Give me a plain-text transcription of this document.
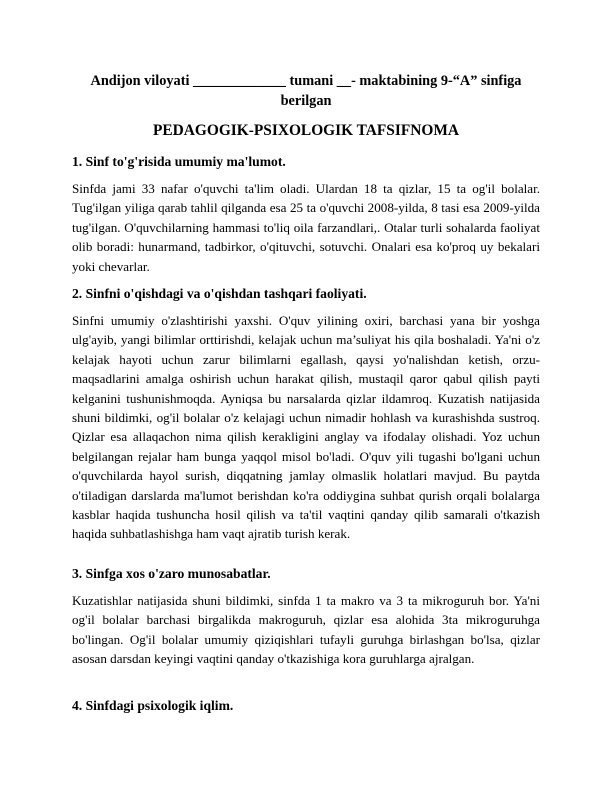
Andijon viloyati _____________ tumani __- maktabining 9-“A” sinfiga
berilgan
PEDAGOGIK-PSIXOLOGIK TAFSIFNOMA
1. Sinf to'g'risida umumiy ma'lumot.
Sinfda jami 33 nafar o'quvchi ta'lim oladi. Ulardan 18 ta qizlar, 15 ta og'il bolalar. Tug'ilgan yiliga qarab tahlil qilganda esa 25 ta o'quvchi 2008-yilda, 8 tasi esa 2009-yilda tug'ilgan. O'quvchilarning hammasi to'liq oila farzandlari,. Otalar turli sohalarda faoliyat olib boradi: hunarmand, tadbirkor, o'qituvchi, sotuvchi. Onalari esa ko'proq uy bekalari yoki chevarlar.
2. Sinfni o'qishdagi va o'qishdan tashqari faoliyati.
Sinfni umumiy o'zlashtirishi yaxshi. O'quv yilining oxiri, barchasi yana bir yoshga ulg'ayib, yangi bilimlar orttirishdi, kelajak uchun ma’suliyat his qila boshaladi. Ya'ni o'z kelajak hayoti uchun zarur bilimlarni egallash, qaysi yo'nalishdan ketish, orzu-maqsadlarini amalga oshirish uchun harakat qilish, mustaqil qaror qabul qilish payti kelganini tushunishmoqda. Ayniqsa bu narsalarda qizlar ildamroq. Kuzatish natijasida shuni bildimki, og'il bolalar o'z kelajagi uchun nimadir hohlash va kurashishda sustroq. Qizlar esa allaqachon nima qilish kerakligini anglay va ifodalay olishadi. Yoz uchun belgilangan rejalar ham bunga yaqqol misol bo'ladi. O'quv yili tugashi bo'lgani uchun o'quvchilarda hayol surish, diqqatning jamlay olmaslik holatlari mavjud. Bu paytda o'tiladigan darslarda ma'lumot berishdan ko'ra oddiygina suhbat qurish orqali bolalarga kasblar haqida tushuncha hosil qilish va ta'til vaqtini qanday qilib samarali o'tkazish haqida suhbatlashishga ham vaqt ajratib turish kerak.
3. Sinfga xos o'zaro munosabatlar.
Kuzatishlar natijasida shuni bildimki, sinfda 1 ta makro va 3 ta mikroguruh bor. Ya'ni og'il bolalar barchasi birgalikda makroguruh, qizlar esa alohida 3ta mikroguruhga bo'lingan. Og'il bolalar umumiy qiziqishlari tufayli guruhga birlashgan bo'lsa, qizlar asosan darsdan keyingi vaqtini qanday o'tkazishiga kora guruhlarga ajralgan.
4. Sinfdagi psixologik iqlim.
